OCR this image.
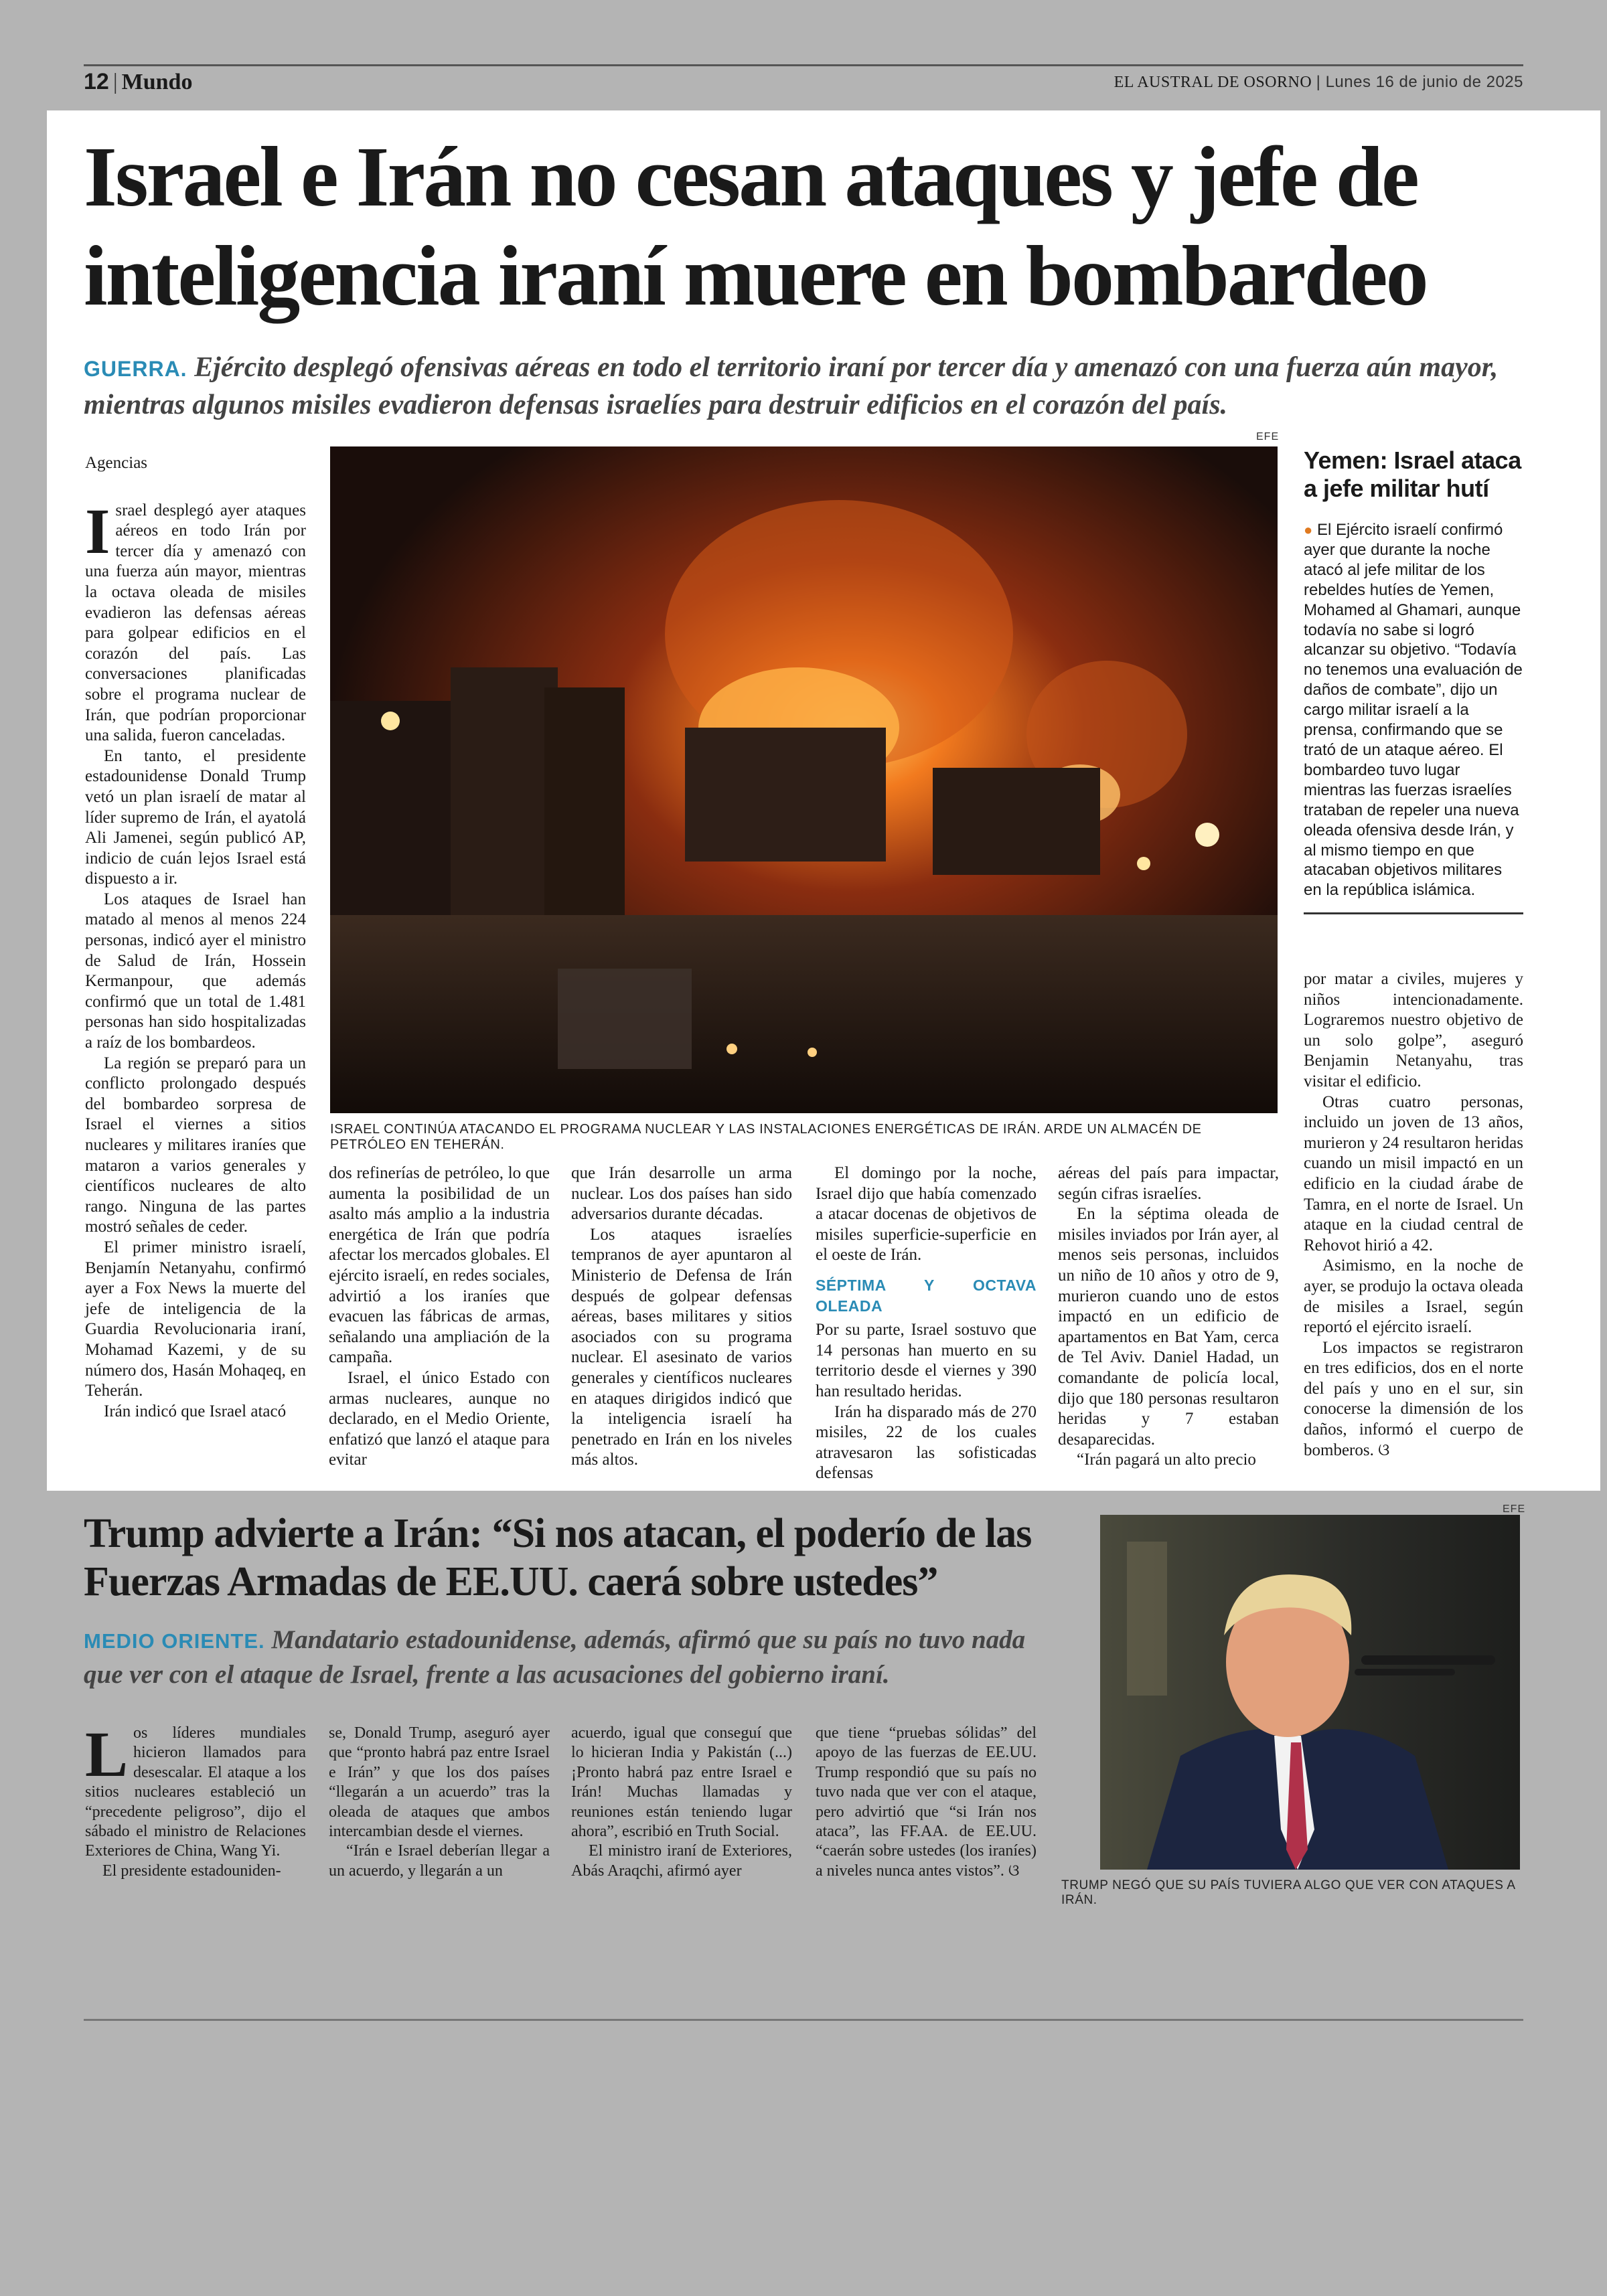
12 | Mundo	EL AUSTRAL DE OSORNO | Lunes 16 de junio de 2025
Israel e Irán no cesan ataques y jefe de inteligencia iraní muere en bombardeo
GUERRA. Ejército desplegó ofensivas aéreas en todo el territorio iraní por tercer día y amenazó con una fuerza aún mayor, mientras algunos misiles evadieron defensas israelíes para destruir edificios en el corazón del país.

Agencias

Israel desplegó ayer ataques aéreos en todo Irán por tercer día y amenazó con una fuerza aún mayor, mientras la octava oleada de misiles evadieron las defensas aéreas para golpear edificios en el corazón del país. Las conversaciones planificadas sobre el programa nuclear de Irán, que podrían proporcionar una salida, fueron canceladas.

En tanto, el presidente estadounidense Donald Trump vetó un plan israelí de matar al líder supremo de Irán, el ayatolá Ali Jamenei, según publicó AP, indicio de cuán lejos Israel está dispuesto a ir.

Los ataques de Israel han matado al menos al menos 224 personas, indicó ayer el ministro de Salud de Irán, Hossein Kermanpour, que además confirmó que un total de 1.481 personas han sido hospitalizadas a raíz de los bombardeos.

La región se preparó para un conflicto prolongado después del bombardeo sorpresa de Israel el viernes a sitios nucleares y militares iraníes que mataron a varios generales y científicos nucleares de alto rango. Ninguna de las partes mostró señales de ceder.

El primer ministro israelí, Benjamín Netanyahu, confirmó ayer a Fox News la muerte del jefe de inteligencia de la Guardia Revolucionaria iraní, Mohamad Kazemi, y de su número dos, Hasán Mohaqeq, en Teherán.

Irán indicó que Israel atacó

EFE
ISRAEL CONTINÚA ATACANDO EL PROGRAMA NUCLEAR Y LAS INSTALACIONES ENERGÉTICAS DE IRÁN. ARDE UN ALMACÉN DE PETRÓLEO EN TEHERÁN.
Yemen: Israel ataca a jefe militar hutí
● El Ejército israelí confirmó ayer que durante la noche atacó al jefe militar de los rebeldes hutíes de Yemen, Mohamed al Ghamari, aunque todavía no sabe si logró alcanzar su objetivo. “Todavía no tenemos una evaluación de daños de combate”, dijo un cargo militar israelí a la prensa, confirmando que se trató de un ataque aéreo. El bombardeo tuvo lugar mientras las fuerzas israelíes trataban de repeler una nueva oleada ofensiva desde Irán, y al mismo tiempo en que atacaban objetivos militares en la república islámica.

dos refinerías de petróleo, lo que aumenta la posibilidad de un asalto más amplio a la industria energética de Irán que podría afectar los mercados globales. El ejército israelí, en redes sociales, advirtió a los iraníes que evacuen las fábricas de armas, señalando una ampliación de la campaña.

Israel, el único Estado con armas nucleares, aunque no declarado, en el Medio Oriente, enfatizó que lanzó el ataque para evitar

que Irán desarrolle un arma nuclear. Los dos países han sido adversarios durante décadas.

Los ataques israelíes tempranos de ayer apuntaron al Ministerio de Defensa de Irán después de golpear defensas aéreas, bases militares y sitios asociados con su programa nuclear. El asesinato de varios generales y científicos nucleares en ataques dirigidos indicó que la inteligencia israelí ha penetrado en Irán en los niveles más altos.

El domingo por la noche, Israel dijo que había comenzado a atacar docenas de objetivos de misiles superficie-superficie en el oeste de Irán.

SÉPTIMA Y OCTAVA OLEADA

Por su parte, Israel sostuvo que 14 personas han muerto en su territorio desde el viernes y 390 han resultado heridas.

Irán ha disparado más de 270 misiles, 22 de los cuales atravesaron las sofisticadas defensas

aéreas del país para impactar, según cifras israelíes.

En la séptima oleada de misiles inviados por Irán ayer, al menos seis personas, incluidos un niño de 10 años y otro de 9, murieron cuando uno de estos impactó en un edificio de apartamentos en Bat Yam, cerca de Tel Aviv. Daniel Hadad, un comandante de policía local, dijo que 180 personas resultaron heridas y 7 estaban desaparecidas.

“Irán pagará un alto precio

por matar a civiles, mujeres y niños intencionadamente. Lograremos nuestro objetivo de un solo golpe”, aseguró Benjamin Netanyahu, tras visitar el edificio.

Otras cuatro personas, incluido un joven de 13 años, murieron y 24 resultaron heridas cuando un misil impactó en un edificio en la ciudad árabe de Tamra, en el norte de Israel. Un ataque en la ciudad central de Rehovot hirió a 42.

Asimismo, en la noche de ayer, se produjo la octava oleada de misiles a Israel, según reportó el ejército israelí.

Los impactos se registraron en tres edificios, dos en el norte del país y uno en el sur, sin conocerse la dimensión de los daños, informó el cuerpo de bomberos. ଓ

Trump advierte a Irán: “Si nos atacan, el poderío de las Fuerzas Armadas de EE.UU. caerá sobre ustedes”
MEDIO ORIENTE. Mandatario estadounidense, además, afirmó que su país no tuvo nada que ver con el ataque de Israel, frente a las acusaciones del gobierno iraní.
EFE
TRUMP NEGÓ QUE SU PAÍS TUVIERA ALGO QUE VER CON ATAQUES A IRÁN.

Los líderes mundiales hicieron llamados para desescalar. El ataque a los sitios nucleares estableció un “precedente peligroso”, dijo el sábado el ministro de Relaciones Exteriores de China, Wang Yi.

El presidente estadouniden-

se, Donald Trump, aseguró ayer que “pronto habrá paz entre Israel e Irán” y que los dos países “llegarán a un acuerdo” tras la oleada de ataques que ambos intercambian desde el viernes.

“Irán e Israel deberían llegar a un acuerdo, y llegarán a un

acuerdo, igual que conseguí que lo hicieran India y Pakistán (...) ¡Pronto habrá paz entre Israel e Irán! Muchas llamadas y reuniones están teniendo lugar ahora”, escribió en Truth Social.

El ministro iraní de Exteriores, Abás Araqchi, afirmó ayer

que tiene “pruebas sólidas” del apoyo de las fuerzas de EE.UU. Trump respondió que su país no tuvo nada que ver con el ataque, pero advirtió que “si Irán nos ataca”, las FF.AA. de EE.UU. “caerán sobre ustedes (los iraníes) a niveles nunca antes vistos”. ଓ
